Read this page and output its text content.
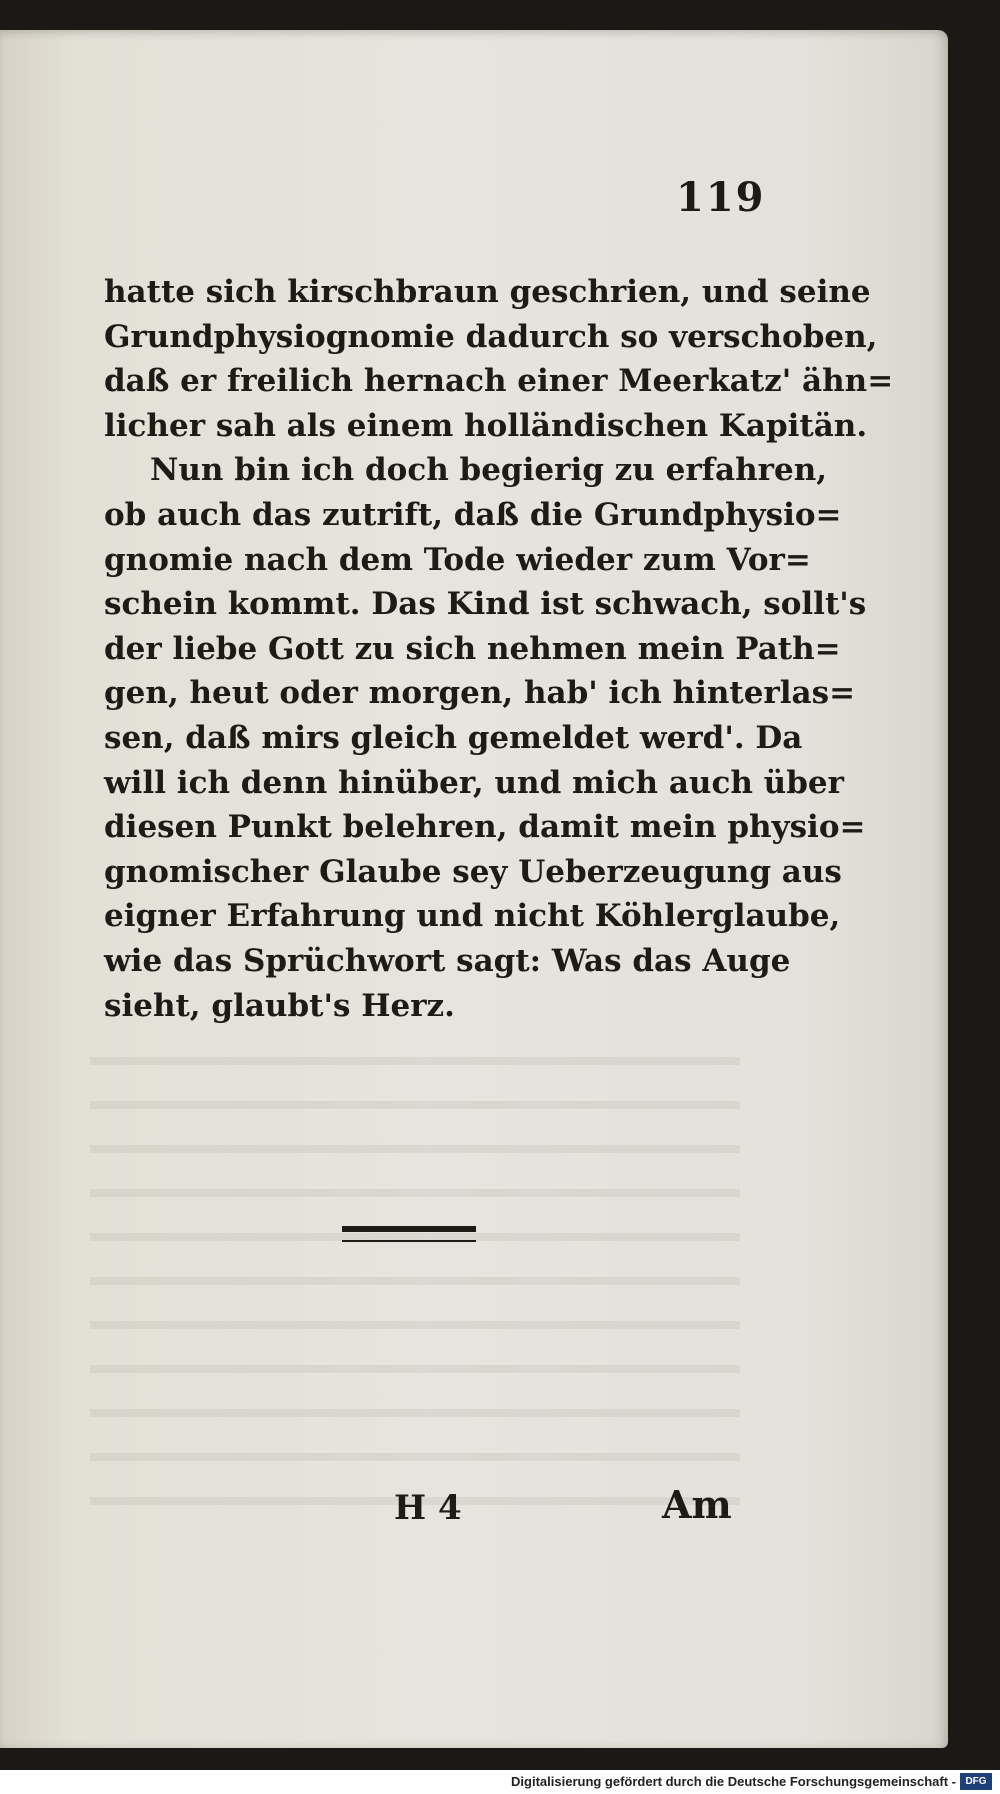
119
hatte sich kirschbraun geschrien, und seine
Grundphysiognomie dadurch so verschoben,
daß er freilich hernach einer Meerkatz' ähn=
licher sah als einem holländischen Kapitän.
Nun bin ich doch begierig zu erfahren,
ob auch das zutrift, daß die Grundphysio=
gnomie nach dem Tode wieder zum Vor=
schein kommt. Das Kind ist schwach, sollt's
der liebe Gott zu sich nehmen mein Path=
gen, heut oder morgen, hab' ich hinterlas=
sen, daß mirs gleich gemeldet werd'. Da
will ich denn hinüber, und mich auch über
diesen Punkt belehren, damit mein physio=
gnomischer Glaube sey Ueberzeugung aus
eigner Erfahrung und nicht Köhlerglaube,
wie das Sprüchwort sagt: Was das Auge
sieht, glaubt's Herz.
H 4	Am
Digitalisierung gefördert durch die Deutsche Forschungsgemeinschaft - DFG
